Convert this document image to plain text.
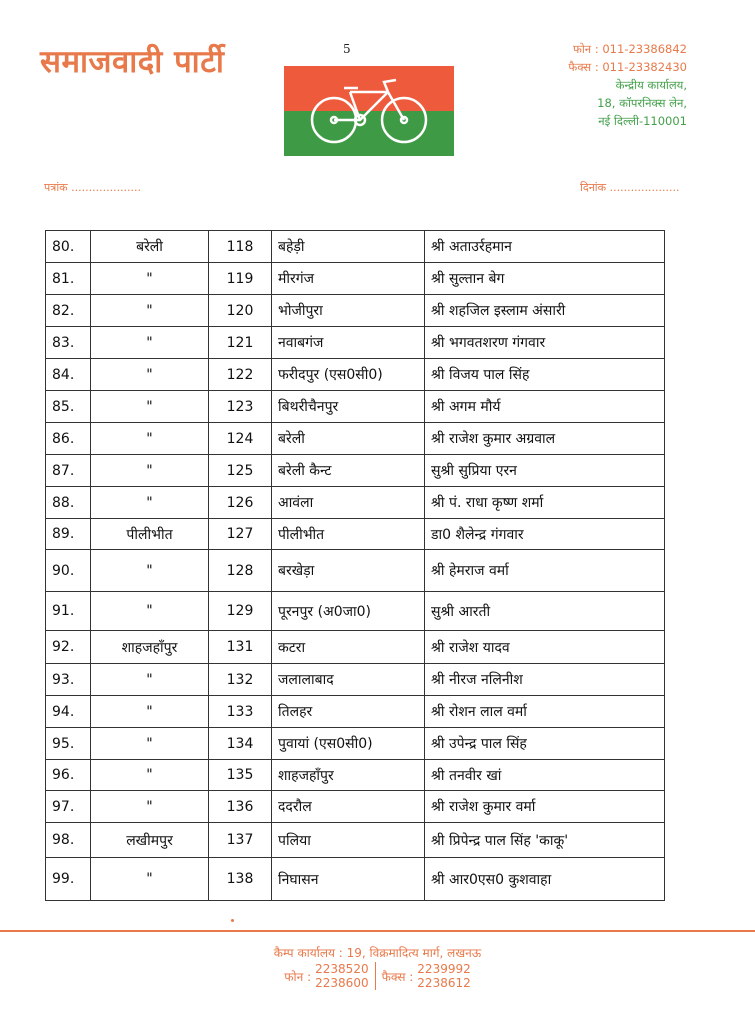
समाजवादी पार्टी	5	फोन : 011-23386842
फैक्स : 011-23382430
केन्द्रीय कार्यालय,
18, कॉपरनिक्स लेन,
नई दिल्ली-110001
पत्रांक ....................	दिनांक ....................
80.	बरेली	118	बहेड़ी	श्री अताउर्रहमान
81.	"	119	मीरगंज	श्री सुल्तान बेग
82.	"	120	भोजीपुरा	श्री शहजिल इस्लाम अंसारी
83.	"	121	नवाबगंज	श्री भगवतशरण गंगवार
84.	"	122	फरीदपुर (एस0सी0)	श्री विजय पाल सिंह
85.	"	123	बिथरीचैनपुर	श्री अगम मौर्य
86.	"	124	बरेली	श्री राजेश कुमार अग्रवाल
87.	"	125	बरेली कैन्ट	सुश्री सुप्रिया एरन
88.	"	126	आवंला	श्री पं. राधा कृष्ण शर्मा
89.	पीलीभीत	127	पीलीभीत	डा0 शैलेन्द्र गंगवार
90.	"	128	बरखेड़ा	श्री हेमराज वर्मा
91.	"	129	पूरनपुर (अ0जा0)	सुश्री आरती
92.	शाहजहाँपुर	131	कटरा	श्री राजेश यादव
93.	"	132	जलालाबाद	श्री नीरज नलिनीश
94.	"	133	तिलहर	श्री रोशन लाल वर्मा
95.	"	134	पुवायां (एस0सी0)	श्री उपेन्द्र पाल सिंह
96.	"	135	शाहजहाँपुर	श्री तनवीर खां
97.	"	136	ददरौल	श्री राजेश कुमार वर्मा
98.	लखीमपुर	137	पलिया	श्री प्रिपेन्द्र पाल सिंह 'काकू'
99.	"	138	निघासन	श्री आर0एस0 कुशवाहा
कैम्प कार्यालय : 19, विक्रमादित्य मार्ग, लखनऊ
फोन :
2238520
2238600 फैक्स :
2239992
2238612
